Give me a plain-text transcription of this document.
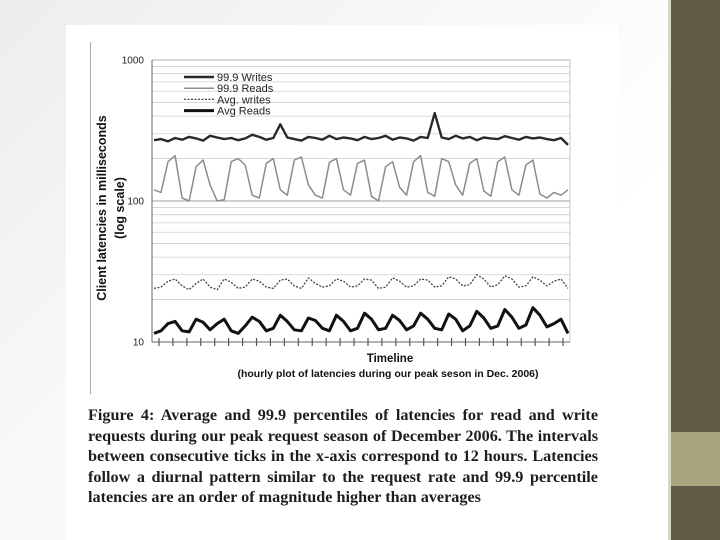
1000
100
10
99.9 Writes
99.9 Reads
Avg. writes
Avg Reads
Client latencies in milliseconds (log scale)
Timeline
(hourly plot of latencies during our peak seson in Dec. 2006)

Figure 4: Average and 99.9 percentiles of latencies for read and write requests during our peak request season of December 2006. The intervals between consecutive ticks in the x-axis correspond to 12 hours. Latencies follow a diurnal pattern similar to the request rate and 99.9 percentile latencies are an order of magnitude higher than averages
